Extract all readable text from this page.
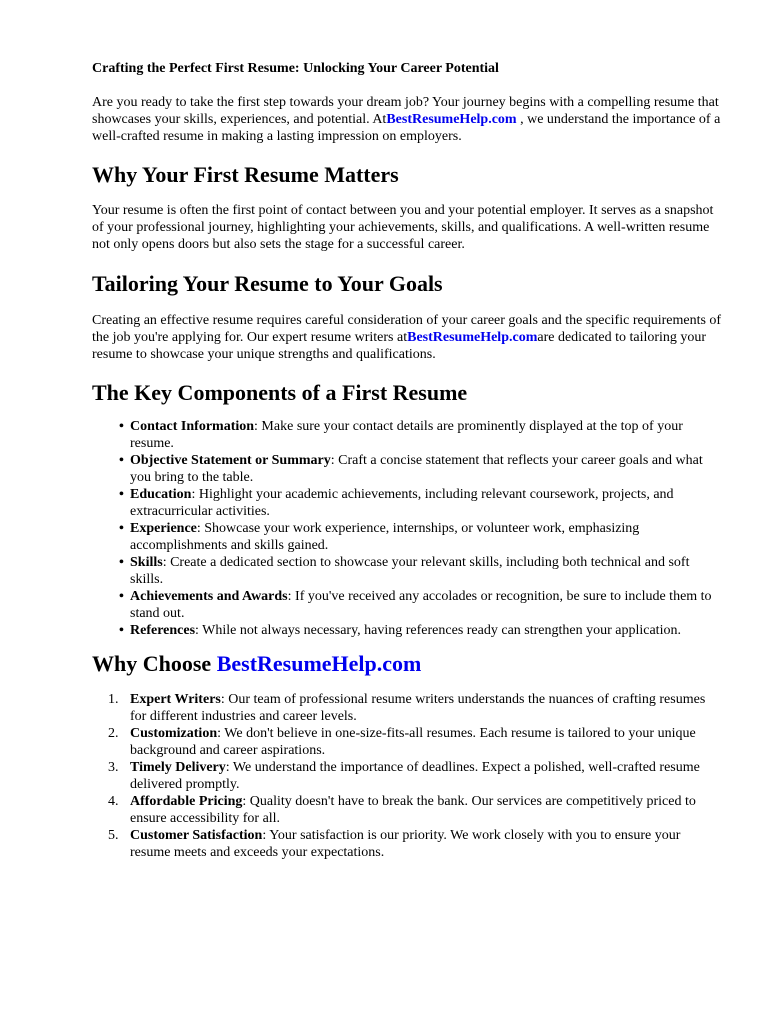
Crafting the Perfect First Resume: Unlocking Your Career Potential

Are you ready to take the first step towards your dream job? Your journey begins with a compelling resume that showcases your skills, experiences, and potential. AtBestResumeHelp.com , we understand the importance of a well-crafted resume in making a lasting impression on employers.

Why Your First Resume Matters

Your resume is often the first point of contact between you and your potential employer. It serves as a snapshot of your professional journey, highlighting your achievements, skills, and qualifications. A well-written resume not only opens doors but also sets the stage for a successful career.

Tailoring Your Resume to Your Goals

Creating an effective resume requires careful consideration of your career goals and the specific requirements of the job you're applying for. Our expert resume writers atBestResumeHelp.comare dedicated to tailoring your resume to showcase your unique strengths and qualifications.

The Key Components of a First Resume
• Contact Information: Make sure your contact details are prominently displayed at the top of your resume.
• Objective Statement or Summary: Craft a concise statement that reflects your career goals and what you bring to the table.
• Education: Highlight your academic achievements, including relevant coursework, projects, and extracurricular activities.
• Experience: Showcase your work experience, internships, or volunteer work, emphasizing accomplishments and skills gained.
• Skills: Create a dedicated section to showcase your relevant skills, including both technical and soft skills.
• Achievements and Awards: If you've received any accolades or recognition, be sure to include them to stand out.
• References: While not always necessary, having references ready can strengthen your application.
Why Choose BestResumeHelp.com
1. Expert Writers: Our team of professional resume writers understands the nuances of crafting resumes for different industries and career levels.
2. Customization: We don't believe in one-size-fits-all resumes. Each resume is tailored to your unique background and career aspirations.
3. Timely Delivery: We understand the importance of deadlines. Expect a polished, well-crafted resume delivered promptly.
4. Affordable Pricing: Quality doesn't have to break the bank. Our services are competitively priced to ensure accessibility for all.
5. Customer Satisfaction: Your satisfaction is our priority. We work closely with you to ensure your resume meets and exceeds your expectations.
